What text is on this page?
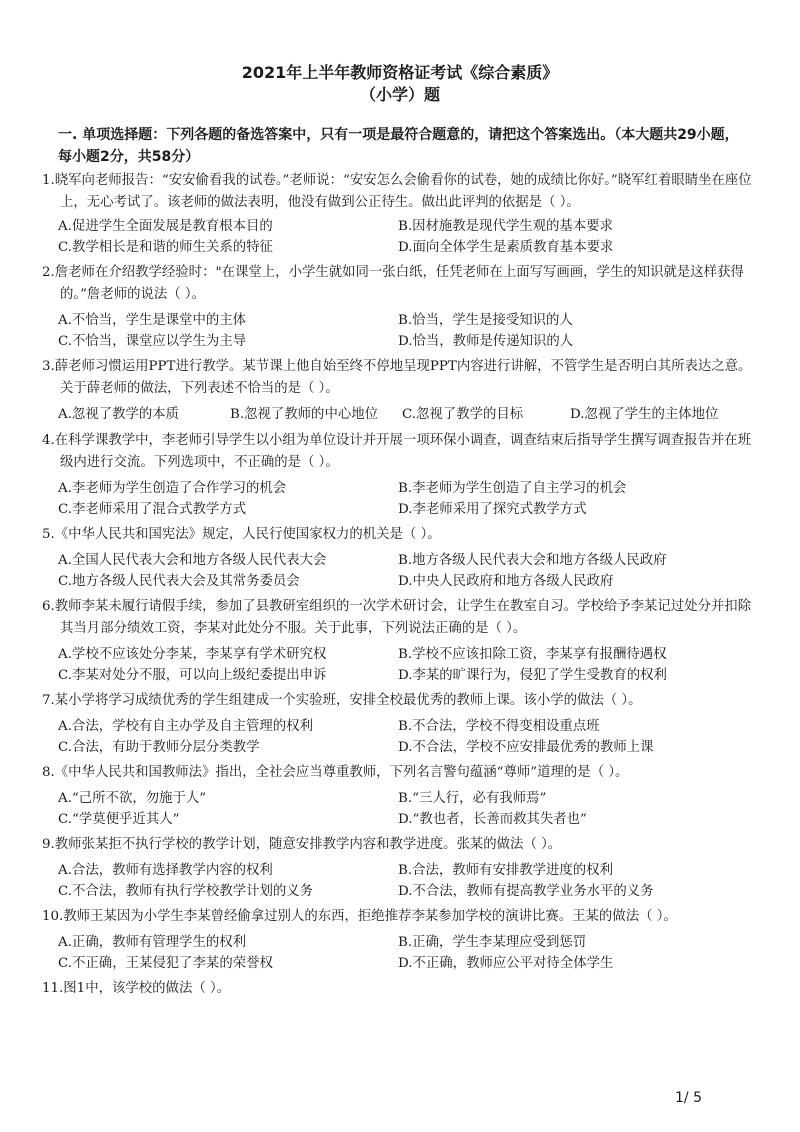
2021年上半年教师资格证考试《综合素质》
（小学）题
一. 单项选择题：下列各题的备选答案中，只有一项是最符合题意的，请把这个答案选出。（本大题共29小题，每小题2分，共58分）
1.晓军向老师报告：“安安偷看我的试卷。”老师说：“安安怎么会偷看你的试卷，她的成绩比你好。”晓军红着眼睛坐在座位上，无心考试了。该老师的做法表明，他没有做到公正待生。做出此评判的依据是（ ）。
A.促进学生全面发展是教育根本目的	B.因材施教是现代学生观的基本要求
C.教学相长是和谐的师生关系的特征	D.面向全体学生是素质教育基本要求
2.詹老师在介绍教学经验时："在课堂上，小学生就如同一张白纸，任凭老师在上面写写画画，学生的知识就是这样获得的。”詹老师的说法（ ）。
A.不恰当，学生是课堂中的主体	B.恰当，学生是接受知识的人
C.不恰当，课堂应以学生为主导	D.恰当，教师是传递知识的人
3.薛老师习惯运用PPT进行教学。某节课上他自始至终不停地呈现PPT内容进行讲解，不管学生是否明白其所表达之意。关于薛老师的做法，下列表述不恰当的是（ ）。
A.忽视了教学的本质	B.忽视了教师的中心地位	C.忽视了教学的目标	D.忽视了学生的主体地位
4.在科学课教学中，李老师引导学生以小组为单位设计并开展一项环保小调查，调查结束后指导学生撰写调查报告并在班级内进行交流。下列选项中，不正确的是（ ）。
A.李老师为学生创造了合作学习的机会	B.李老师为学生创造了自主学习的机会
C.李老师采用了混合式教学方式	D.李老师采用了探究式教学方式
5.《中华人民共和国宪法》规定，人民行使国家权力的机关是（ ）。
A.全国人民代表大会和地方各级人民代表大会	B.地方各级人民代表大会和地方各级人民政府
C.地方各级人民代表大会及其常务委员会	D.中央人民政府和地方各级人民政府
6.教师李某未履行请假手续，参加了县教研室组织的一次学术研讨会，让学生在教室自习。学校给予李某记过处分并扣除其当月部分绩效工资，李某对此处分不服。关于此事，下列说法正确的是（ ）。
A.学校不应该处分李某，李某享有学术研究权	B.学校不应该扣除工资，李某享有报酬待遇权
C.李某对处分不服，可以向上级纪委提出申诉	D.李某的旷课行为，侵犯了学生受教育的权利
7.某小学将学习成绩优秀的学生组建成一个实验班，安排全校最优秀的教师上课。该小学的做法（ ）。
A.合法，学校有自主办学及自主管理的权利	B.不合法，学校不得变相设重点班
C.合法，有助于教师分层分类教学	D.不合法，学校不应安排最优秀的教师上课
8.《中华人民共和国教师法》指出，全社会应当尊重教师，下列名言警句蕴涵“尊师”道理的是（ ）。
A.“己所不欲，勿施于人”	B.“三人行，必有我师焉”
C.“学莫便乎近其人”	D.“教也者，长善而救其失者也”
9.教师张某拒不执行学校的教学计划，随意安排教学内容和教学进度。张某的做法（ ）。
A.合法，教师有选择教学内容的权利	B.合法，教师有安排教学进度的权利
C.不合法，教师有执行学校教学计划的义务	D.不合法，教师有提高教学业务水平的义务
10.教师王某因为小学生李某曾经偷拿过别人的东西，拒绝推荐李某参加学校的演讲比赛。王某的做法（ ）。
A.正确，教师有管理学生的权利	B.正确，学生李某理应受到惩罚
C.不正确，王某侵犯了李某的荣誉权	D.不正确，教师应公平对待全体学生
11.图1中，该学校的做法（ ）。
1/ 5
